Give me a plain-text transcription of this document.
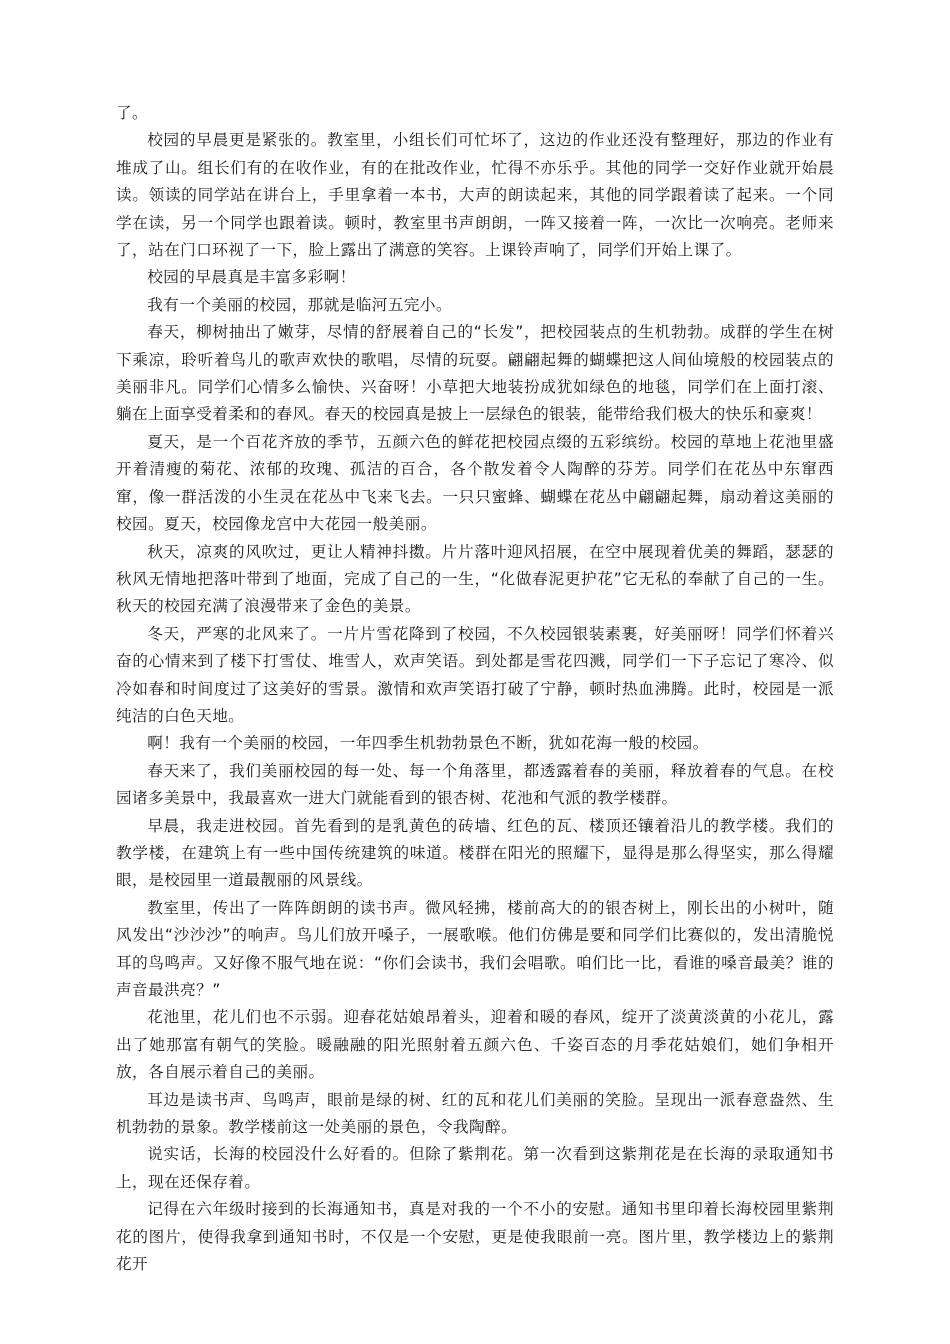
了。

校园的早晨更是紧张的。教室里，小组长们可忙坏了，这边的作业还没有整理好，那边的作业有堆成了山。组长们有的在收作业，有的在批改作业，忙得不亦乐乎。其他的同学一交好作业就开始晨读。领读的同学站在讲台上，手里拿着一本书，大声的朗读起来，其他的同学跟着读了起来。一个同学在读，另一个同学也跟着读。顿时，教室里书声朗朗，一阵又接着一阵，一次比一次响亮。老师来了，站在门口环视了一下，脸上露出了满意的笑容。上课铃声响了，同学们开始上课了。

校园的早晨真是丰富多彩啊！

我有一个美丽的校园，那就是临河五完小。

春天，柳树抽出了嫩芽，尽情的舒展着自己的“长发”，把校园装点的生机勃勃。成群的学生在树下乘凉，聆听着鸟儿的歌声欢快的歌唱，尽情的玩耍。翩翩起舞的蝴蝶把这人间仙境般的校园装点的美丽非凡。同学们心情多么愉快、兴奋呀！小草把大地装扮成犹如绿色的地毯，同学们在上面打滚、躺在上面享受着柔和的春风。春天的校园真是披上一层绿色的银装，能带给我们极大的快乐和豪爽！

夏天，是一个百花齐放的季节，五颜六色的鲜花把校园点缀的五彩缤纷。校园的草地上花池里盛开着清瘦的菊花、浓郁的玫瑰、孤洁的百合，各个散发着令人陶醉的芬芳。同学们在花丛中东窜西窜，像一群活泼的小生灵在花丛中飞来飞去。一只只蜜蜂、蝴蝶在花丛中翩翩起舞，扇动着这美丽的校园。夏天，校园像龙宫中大花园一般美丽。

秋天，凉爽的风吹过，更让人精神抖擞。片片落叶迎风招展，在空中展现着优美的舞蹈，瑟瑟的秋风无情地把落叶带到了地面，完成了自己的一生，“化做春泥更护花”它无私的奉献了自己的一生。秋天的校园充满了浪漫带来了金色的美景。

冬天，严寒的北风来了。一片片雪花降到了校园，不久校园银装素裹，好美丽呀！同学们怀着兴奋的心情来到了楼下打雪仗、堆雪人，欢声笑语。到处都是雪花四溅，同学们一下子忘记了寒冷、似冷如春和时间度过了这美好的雪景。激情和欢声笑语打破了宁静，顿时热血沸腾。此时，校园是一派纯洁的白色天地。

啊！我有一个美丽的校园，一年四季生机勃勃景色不断，犹如花海一般的校园。

春天来了，我们美丽校园的每一处、每一个角落里，都透露着春的美丽，释放着春的气息。在校园诸多美景中，我最喜欢一进大门就能看到的银杏树、花池和气派的教学楼群。

早晨，我走进校园。首先看到的是乳黄色的砖墙、红色的瓦、楼顶还镶着沿儿的教学楼。我们的教学楼，在建筑上有一些中国传统建筑的味道。楼群在阳光的照耀下，显得是那么得坚实，那么得耀眼，是校园里一道最靓丽的风景线。

教室里，传出了一阵阵朗朗的读书声。微风轻拂，楼前高大的的银杏树上，刚长出的小树叶，随风发出“沙沙沙”的响声。鸟儿们放开嗓子，一展歌喉。他们仿佛是要和同学们比赛似的，发出清脆悦耳的鸟鸣声。又好像不服气地在说：“你们会读书，我们会唱歌。咱们比一比，看谁的嗓音最美？谁的声音最洪亮？”

花池里，花儿们也不示弱。迎春花姑娘昂着头，迎着和暖的春风，绽开了淡黄淡黄的小花儿，露出了她那富有朝气的笑脸。暖融融的阳光照射着五颜六色、千姿百态的月季花姑娘们，她们争相开放，各自展示着自己的美丽。

耳边是读书声、鸟鸣声，眼前是绿的树、红的瓦和花儿们美丽的笑脸。呈现出一派春意盎然、生机勃勃的景象。教学楼前这一处美丽的景色，令我陶醉。

说实话，长海的校园没什么好看的。但除了紫荆花。第一次看到这紫荆花是在长海的录取通知书上，现在还保存着。

记得在六年级时接到的长海通知书，真是对我的一个不小的安慰。通知书里印着长海校园里紫荆花的图片，使得我拿到通知书时，不仅是一个安慰，更是使我眼前一亮。图片里，教学楼边上的紫荆花开
